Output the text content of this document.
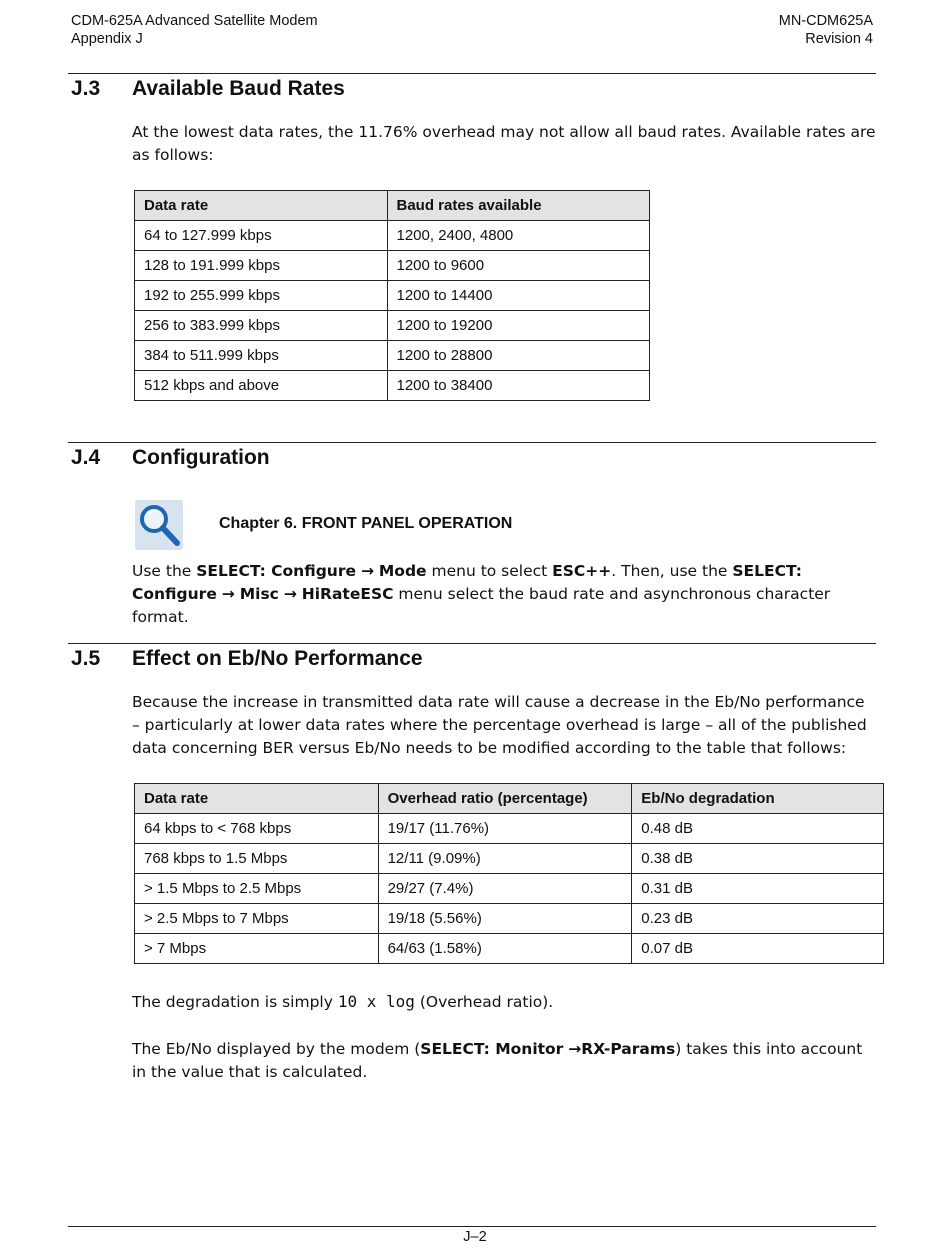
CDM-625A Advanced Satellite Modem
Appendix J
MN-CDM625A
Revision 4
J.3 Available Baud Rates
At the lowest data rates, the 11.76% overhead may not allow all baud rates. Available rates are as follows:
Data rate	Baud rates available
64 to 127.999 kbps	1200, 2400, 4800
128 to 191.999 kbps	1200 to 9600
192 to 255.999 kbps	1200 to 14400
256 to 383.999 kbps	1200 to 19200
384 to 511.999 kbps	1200 to 28800
512 kbps and above	1200 to 38400
J.4 Configuration
Chapter 6. FRONT PANEL OPERATION
Use the SELECT: Configure → Mode menu to select ESC++. Then, use the SELECT: Configure → Misc → HiRateESC menu select the baud rate and asynchronous character format.
J.5 Effect on Eb/No Performance
Because the increase in transmitted data rate will cause a decrease in the Eb/No performance – particularly at lower data rates where the percentage overhead is large – all of the published data concerning BER versus Eb/No needs to be modified according to the table that follows:
Data rate	Overhead ratio (percentage)	Eb/No degradation
64 kbps to < 768 kbps	19/17 (11.76%)	0.48 dB
768 kbps to 1.5 Mbps	12/11 (9.09%)	0.38 dB
> 1.5 Mbps to 2.5 Mbps	29/27 (7.4%)	0.31 dB
> 2.5 Mbps to 7 Mbps	19/18 (5.56%)	0.23 dB
> 7 Mbps	64/63 (1.58%)	0.07 dB
The degradation is simply 10 x log (Overhead ratio).
The Eb/No displayed by the modem (SELECT: Monitor →RX-Params) takes this into account in the value that is calculated.
J–2
